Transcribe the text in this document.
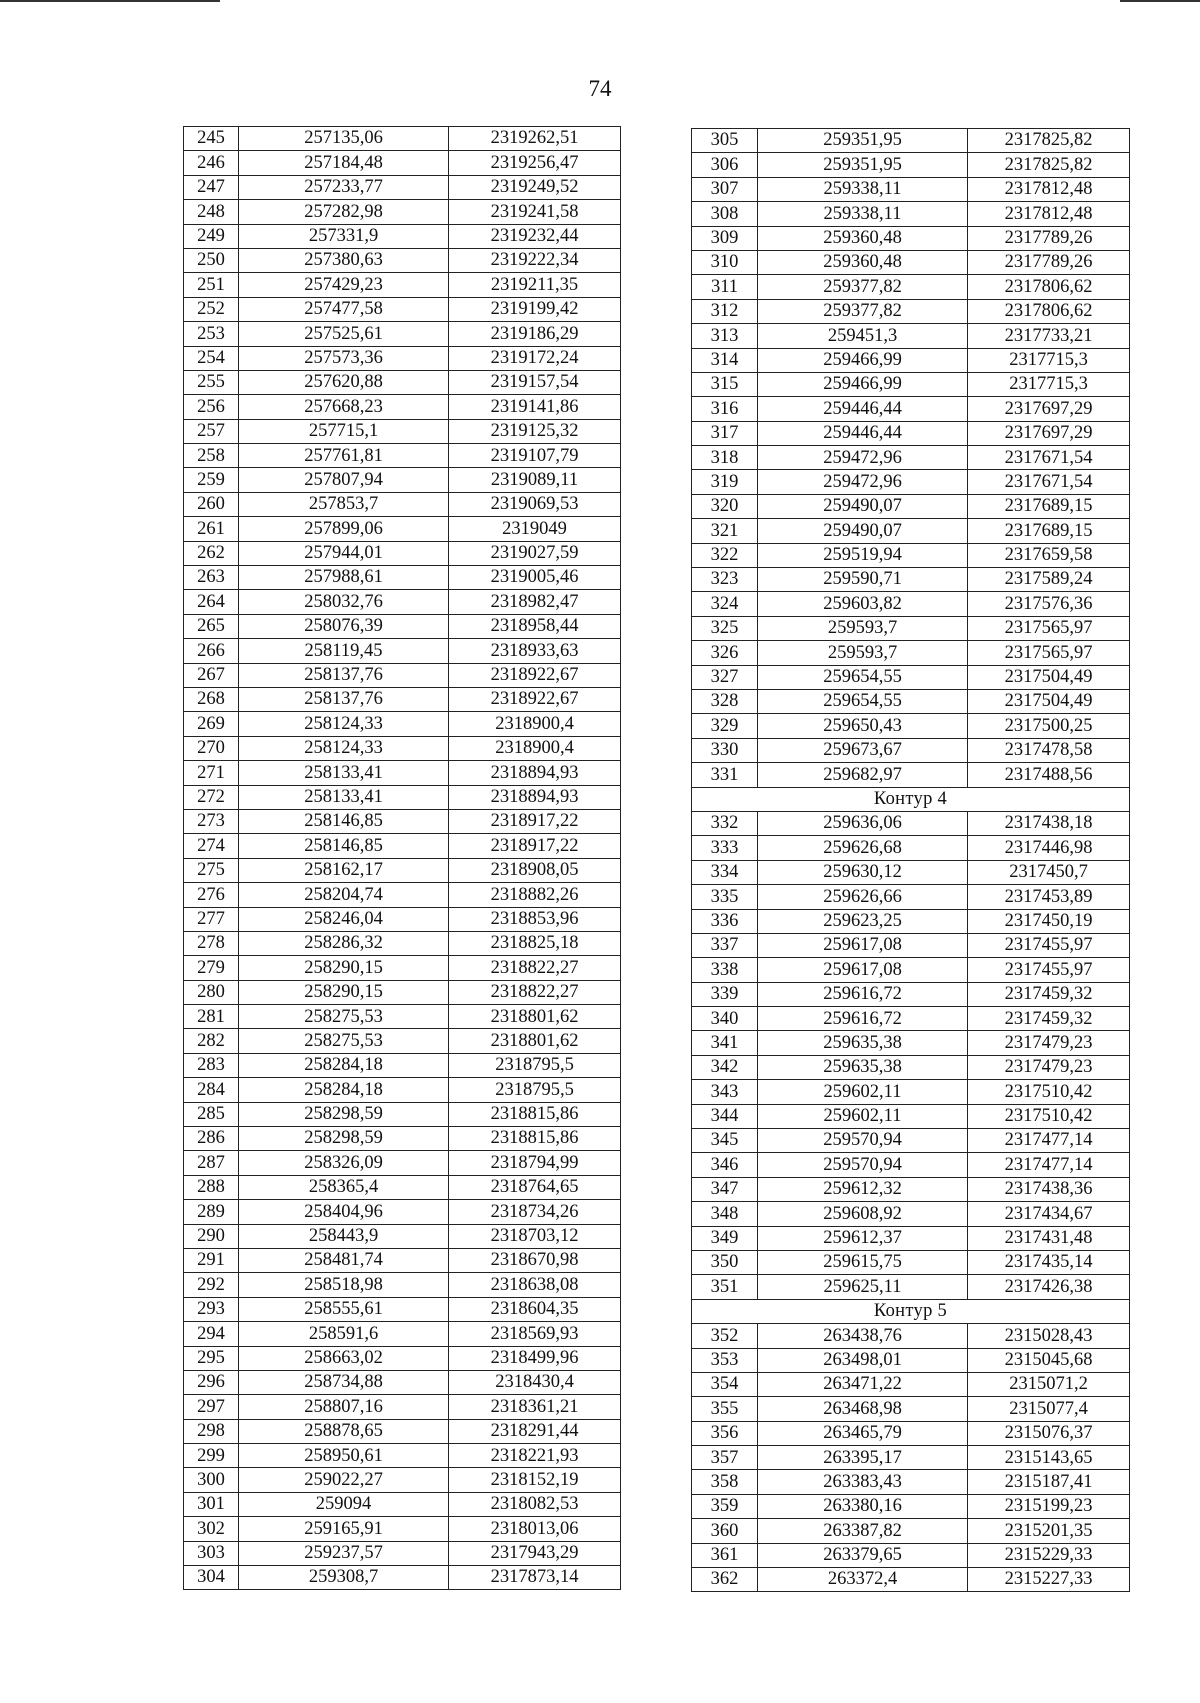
74
245	257135,06	2319262,51
246	257184,48	2319256,47
247	257233,77	2319249,52
248	257282,98	2319241,58
249	257331,9	2319232,44
250	257380,63	2319222,34
251	257429,23	2319211,35
252	257477,58	2319199,42
253	257525,61	2319186,29
254	257573,36	2319172,24
255	257620,88	2319157,54
256	257668,23	2319141,86
257	257715,1	2319125,32
258	257761,81	2319107,79
259	257807,94	2319089,11
260	257853,7	2319069,53
261	257899,06	2319049
262	257944,01	2319027,59
263	257988,61	2319005,46
264	258032,76	2318982,47
265	258076,39	2318958,44
266	258119,45	2318933,63
267	258137,76	2318922,67
268	258137,76	2318922,67
269	258124,33	2318900,4
270	258124,33	2318900,4
271	258133,41	2318894,93
272	258133,41	2318894,93
273	258146,85	2318917,22
274	258146,85	2318917,22
275	258162,17	2318908,05
276	258204,74	2318882,26
277	258246,04	2318853,96
278	258286,32	2318825,18
279	258290,15	2318822,27
280	258290,15	2318822,27
281	258275,53	2318801,62
282	258275,53	2318801,62
283	258284,18	2318795,5
284	258284,18	2318795,5
285	258298,59	2318815,86
286	258298,59	2318815,86
287	258326,09	2318794,99
288	258365,4	2318764,65
289	258404,96	2318734,26
290	258443,9	2318703,12
291	258481,74	2318670,98
292	258518,98	2318638,08
293	258555,61	2318604,35
294	258591,6	2318569,93
295	258663,02	2318499,96
296	258734,88	2318430,4
297	258807,16	2318361,21
298	258878,65	2318291,44
299	258950,61	2318221,93
300	259022,27	2318152,19
301	259094	2318082,53
302	259165,91	2318013,06
303	259237,57	2317943,29
304	259308,7	2317873,14
305	259351,95	2317825,82
306	259351,95	2317825,82
307	259338,11	2317812,48
308	259338,11	2317812,48
309	259360,48	2317789,26
310	259360,48	2317789,26
311	259377,82	2317806,62
312	259377,82	2317806,62
313	259451,3	2317733,21
314	259466,99	2317715,3
315	259466,99	2317715,3
316	259446,44	2317697,29
317	259446,44	2317697,29
318	259472,96	2317671,54
319	259472,96	2317671,54
320	259490,07	2317689,15
321	259490,07	2317689,15
322	259519,94	2317659,58
323	259590,71	2317589,24
324	259603,82	2317576,36
325	259593,7	2317565,97
326	259593,7	2317565,97
327	259654,55	2317504,49
328	259654,55	2317504,49
329	259650,43	2317500,25
330	259673,67	2317478,58
331	259682,97	2317488,56
Контур 4		
332	259636,06	2317438,18
333	259626,68	2317446,98
334	259630,12	2317450,7
335	259626,66	2317453,89
336	259623,25	2317450,19
337	259617,08	2317455,97
338	259617,08	2317455,97
339	259616,72	2317459,32
340	259616,72	2317459,32
341	259635,38	2317479,23
342	259635,38	2317479,23
343	259602,11	2317510,42
344	259602,11	2317510,42
345	259570,94	2317477,14
346	259570,94	2317477,14
347	259612,32	2317438,36
348	259608,92	2317434,67
349	259612,37	2317431,48
350	259615,75	2317435,14
351	259625,11	2317426,38
Контур 5		
352	263438,76	2315028,43
353	263498,01	2315045,68
354	263471,22	2315071,2
355	263468,98	2315077,4
356	263465,79	2315076,37
357	263395,17	2315143,65
358	263383,43	2315187,41
359	263380,16	2315199,23
360	263387,82	2315201,35
361	263379,65	2315229,33
362	263372,4	2315227,33
